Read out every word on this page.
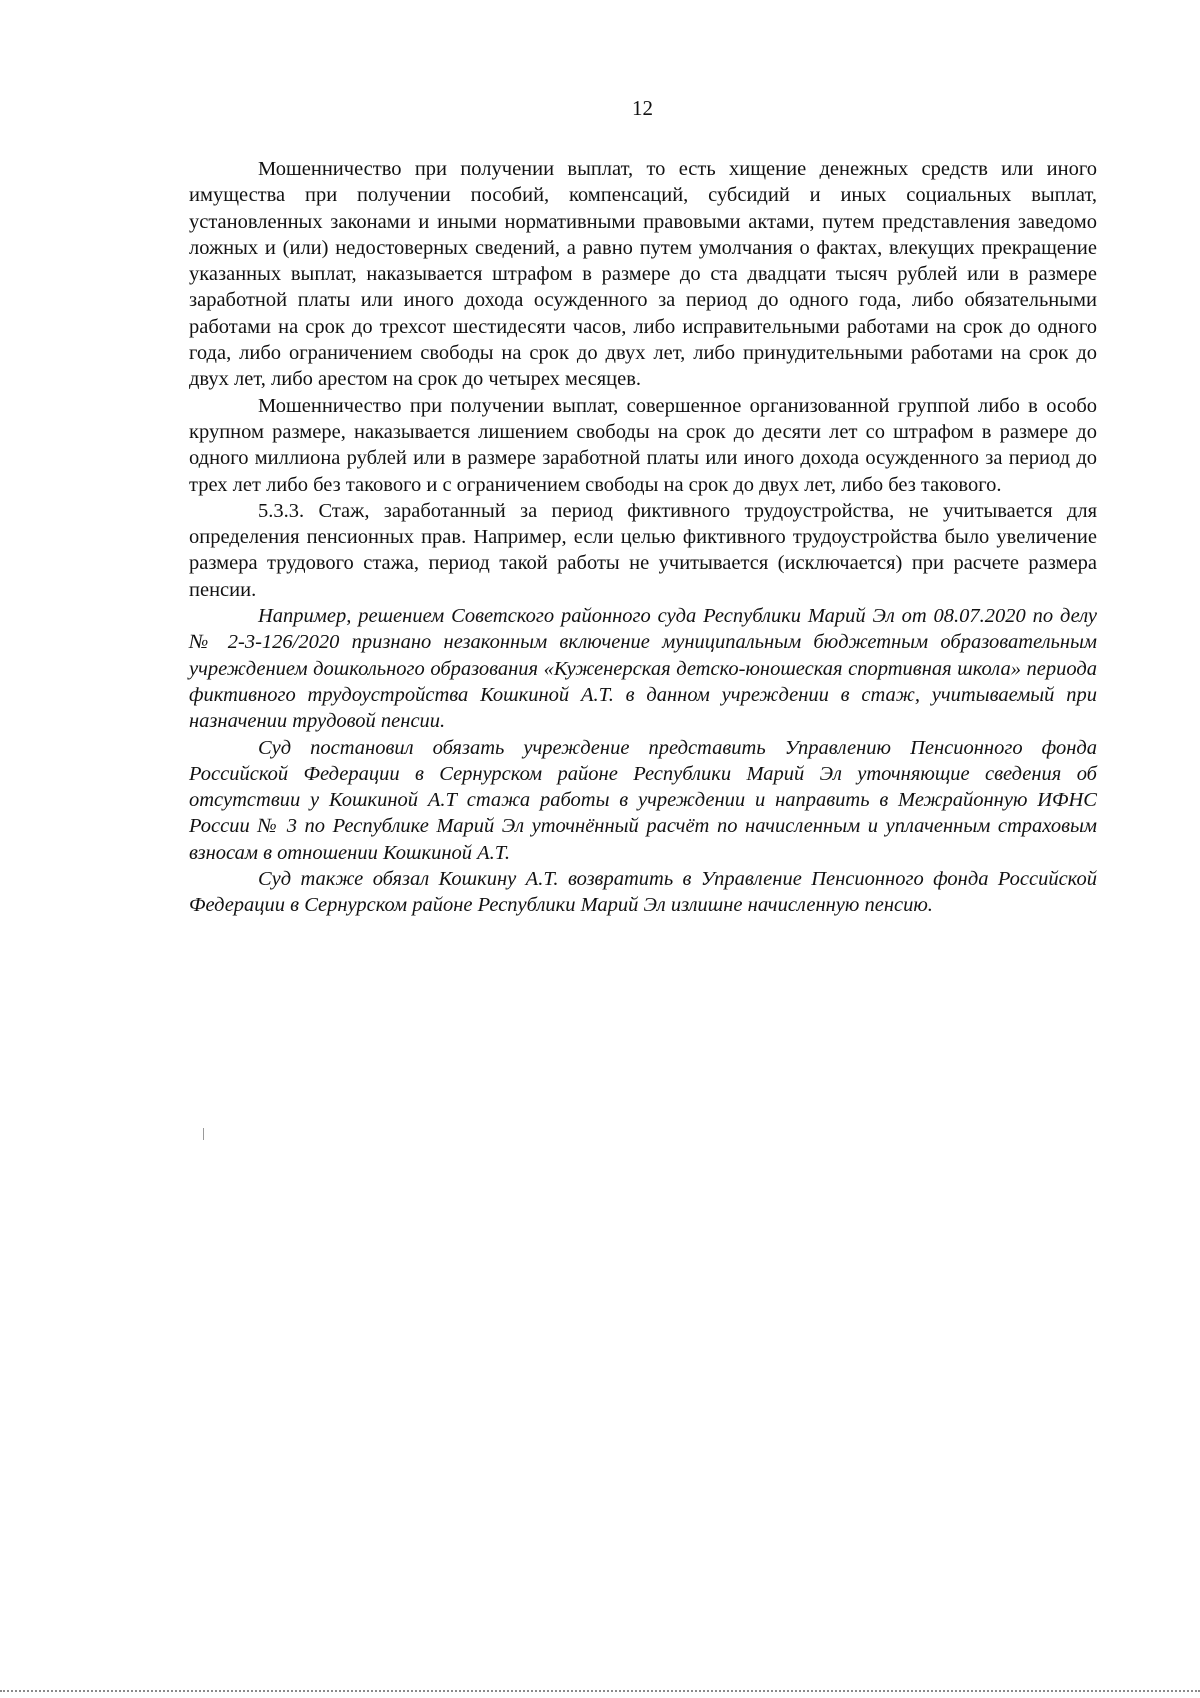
12

Мошенничество при получении выплат, то есть хищение денежных средств или иного имущества при получении пособий, компенсаций, субсидий и иных социальных выплат, установленных законами и иными нормативными правовыми актами, путем представления заведомо ложных и (или) недостоверных сведений, а равно путем умолчания о фактах, влекущих прекращение указанных выплат, наказывается штрафом в размере до ста двадцати тысяч рублей или в размере заработной платы или иного дохода осужденного за период до одного года, либо обязательными работами на срок до трехсот шестидесяти часов, либо исправительными работами на срок до одного года, либо ограничением свободы на срок до двух лет, либо принудительными работами на срок до двух лет, либо арестом на срок до четырех месяцев.

Мошенничество при получении выплат, совершенное организованной группой либо в особо крупном размере, наказывается лишением свободы на срок до десяти лет со штрафом в размере до одного миллиона рублей или в размере заработной платы или иного дохода осужденного за период до трех лет либо без такового и с ограничением свободы на срок до двух лет, либо без такового.

5.3.3. Стаж, заработанный за период фиктивного трудоустройства, не учитывается для определения пенсионных прав. Например, если целью фиктивного трудоустройства было увеличение размера трудового стажа, период такой работы не учитывается (исключается) при расчете размера пенсии.

Например, решением Советского районного суда Республики Марий Эл от 08.07.2020 по делу № 2-3-126/2020 признано незаконным включение муниципальным бюджетным образовательным учреждением дошкольного образования «Куженерская детско-юношеская спортивная школа» периода фиктивного трудоустройства Кошкиной А.Т. в данном учреждении в стаж, учитываемый при назначении трудовой пенсии.

Суд постановил обязать учреждение представить Управлению Пенсионного фонда Российской Федерации в Сернурском районе Республики Марий Эл уточняющие сведения об отсутствии у Кошкиной А.Т стажа работы в учреждении и направить в Межрайонную ИФНС России № 3 по Республике Марий Эл уточнённый расчёт по начисленным и уплаченным страховым взносам в отношении Кошкиной А.Т.

Суд также обязал Кошкину А.Т. возвратить в Управление Пенсионного фонда Российской Федерации в Сернурском районе Республики Марий Эл излишне начисленную пенсию.
